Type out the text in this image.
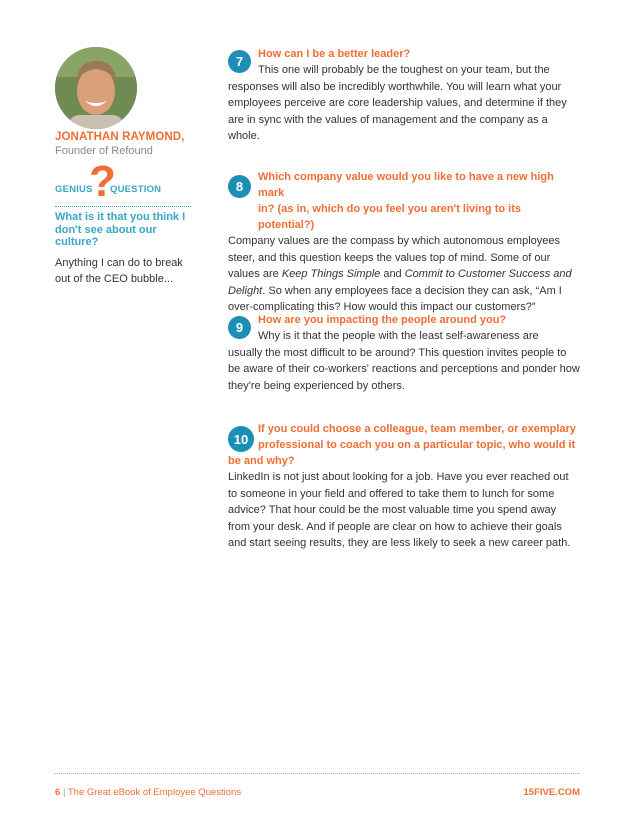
JONATHAN RAYMOND,
Founder of Refound
GENIUS
?
QUESTION
What is it that you think I don't see about our culture?
Anything I can do to break out of the CEO bubble...
7	How can I be a better leader?
This one will probably be the toughest on your team, but the
responses will also be incredibly worthwhile. You will learn what your employees perceive are core leadership values, and determine if they are in sync with the values of management and the company as a whole.
8
Which company value would you like to have a new high mark
in? (as in, which do you feel you aren't living to its potential?)
Company values are the compass by which autonomous employees steer, and this question keeps the values top of mind. Some of our values are Keep Things Simple and Commit to Customer Success and Delight. So when any employees face a decision they can ask, “Am I over-complicating this? How would this impact our customers?”
9	How are you impacting the people around you?
Why is it that the people with the least self-awareness are
usually the most difficult to be around? This question invites people to be aware of their co-workers' reactions and perceptions and ponder how they're being experienced by others.
10
If you could choose a colleague, team member, or exemplary
professional to coach you on a particular topic, who would it
be and why?
LinkedIn is not just about looking for a job. Have you ever reached out to someone in your field and offered to take them to lunch for some advice? That hour could be the most valuable time you spend away from your desk. And if people are clear on how to achieve their goals and start seeing results, they are less likely to seek a new career path.
6 | The Great eBook of Employee Questions	15FIVE.COM
